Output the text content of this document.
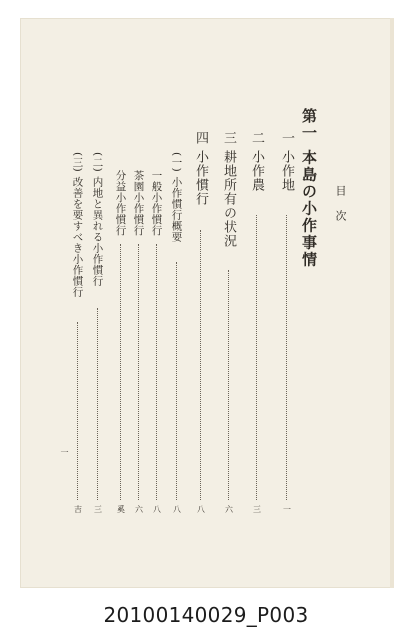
目次
第一 本島の小作事情
一 小作地
一
二 小作農
三
三 耕地所有の状況
六
四 小作慣行
八
(一) 小作慣行概要
八
一般小作慣行
八
茶園小作慣行
六
分益小作慣行
奚
(二) 内地と異れる小作慣行
三
(三) 改善を要すべき小作慣行
吉
一
20100140029_P003
